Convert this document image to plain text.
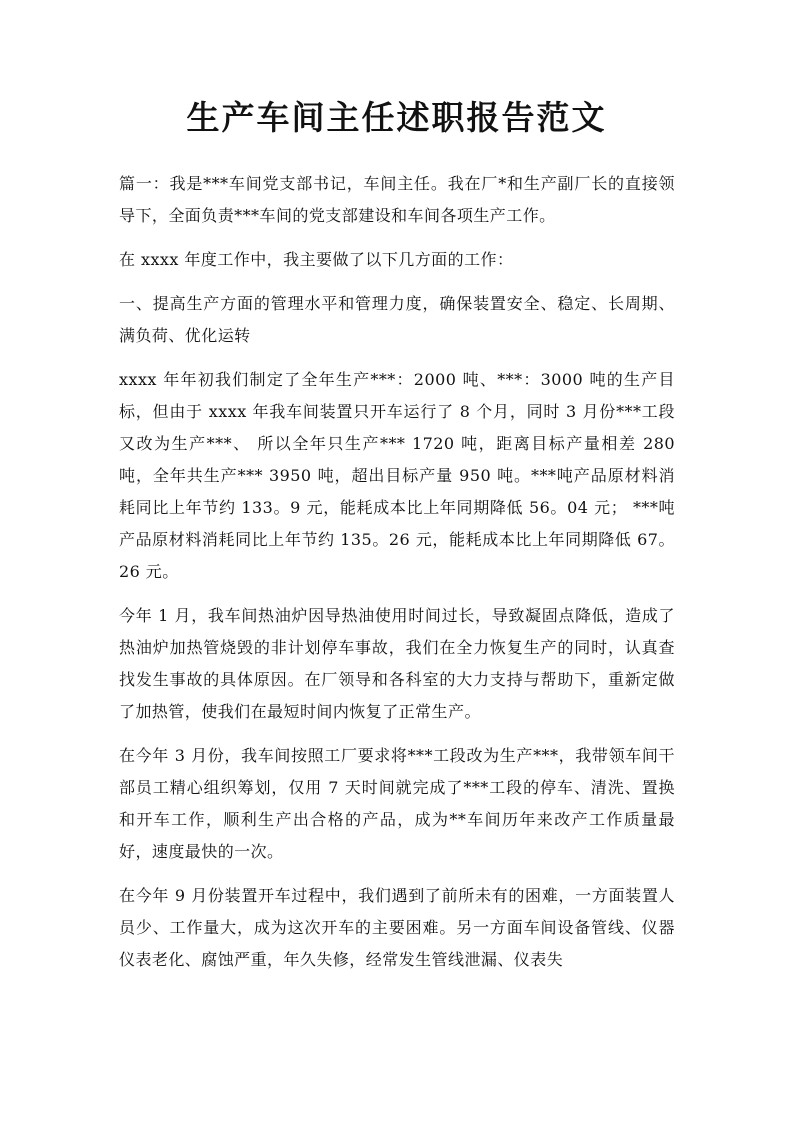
生产车间主任述职报告范文

篇一：我是***车间党支部书记，车间主任。我在厂*和生产副厂长的直接领导下，全面负责***车间的党支部建设和车间各项生产工作。

在 xxxx 年度工作中，我主要做了以下几方面的工作：

一、提高生产方面的管理水平和管理力度，确保装置安全、稳定、长周期、满负荷、优化运转

xxxx 年年初我们制定了全年生产***：2000 吨、***：3000 吨的生产目标，但由于 xxxx 年我车间装置只开车运行了 8 个月，同时 3 月份***工段又改为生产***、 所以全年只生产*** 1720 吨，距离目标产量相差 280 吨，全年共生产*** 3950 吨，超出目标产量 950 吨。***吨产品原材料消耗同比上年节约 133。9 元，能耗成本比上年同期降低 56。04 元； ***吨产品原材料消耗同比上年节约 135。26 元，能耗成本比上年同期降低 67。26 元。

今年 1 月，我车间热油炉因导热油使用时间过长，导致凝固点降低，造成了热油炉加热管烧毁的非计划停车事故，我们在全力恢复生产的同时，认真查找发生事故的具体原因。在厂领导和各科室的大力支持与帮助下，重新定做了加热管，使我们在最短时间内恢复了正常生产。

在今年 3 月份，我车间按照工厂要求将***工段改为生产***，我带领车间干部员工精心组织筹划，仅用 7 天时间就完成了***工段的停车、清洗、置换和开车工作，顺利生产出合格的产品，成为**车间历年来改产工作质量最好，速度最快的一次。

在今年 9 月份装置开车过程中，我们遇到了前所未有的困难，一方面装置人员少、工作量大，成为这次开车的主要困难。另一方面车间设备管线、仪器仪表老化、腐蚀严重，年久失修，经常发生管线泄漏、仪表失
